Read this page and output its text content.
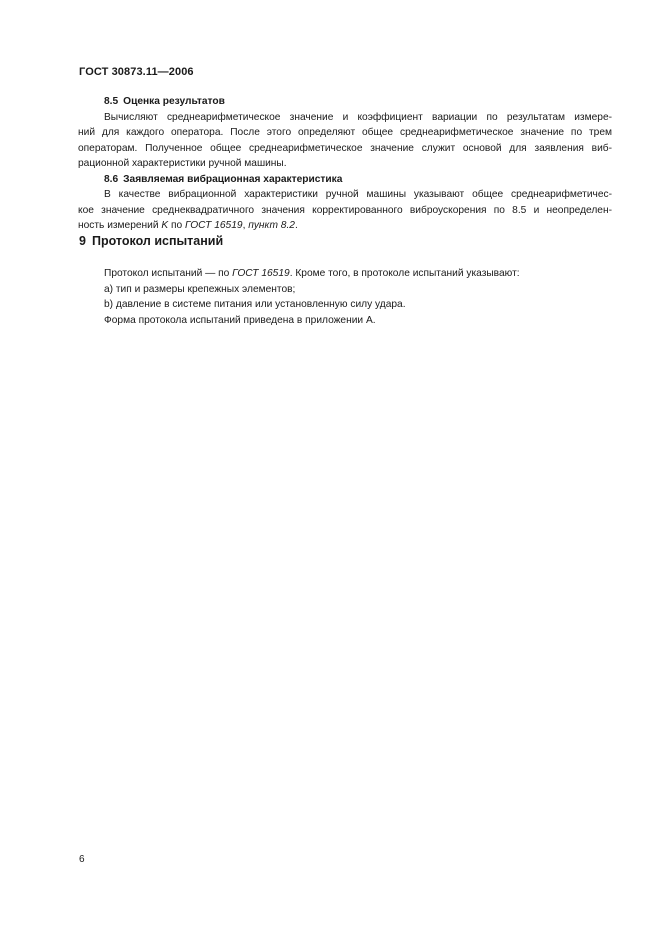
ГОСТ 30873.11—2006

8.5 Оценка результатов

Вычисляют среднеарифметическое значение и коэффициент вариации по результатам измере-
ний для каждого оператора. После этого определяют общее среднеарифметическое значение по трем
операторам. Полученное общее среднеарифметическое значение служит основой для заявления виб-
рационной характеристики ручной машины.

8.6 Заявляемая вибрационная характеристика

В качестве вибрационной характеристики ручной машины указывают общее среднеарифметичес-
кое значение среднеквадратичного значения корректированного виброускорения по 8.5 и неопределен-
ность измерений K по ГОСТ 16519, пункт 8.2.
9 Протокол испытаний
Протокол испытаний — по ГОСТ 16519. Кроме того, в протоколе испытаний указывают:
a) тип и размеры крепежных элементов;
b) давление в системе питания или установленную силу удара.
Форма протокола испытаний приведена в приложении А.
6
